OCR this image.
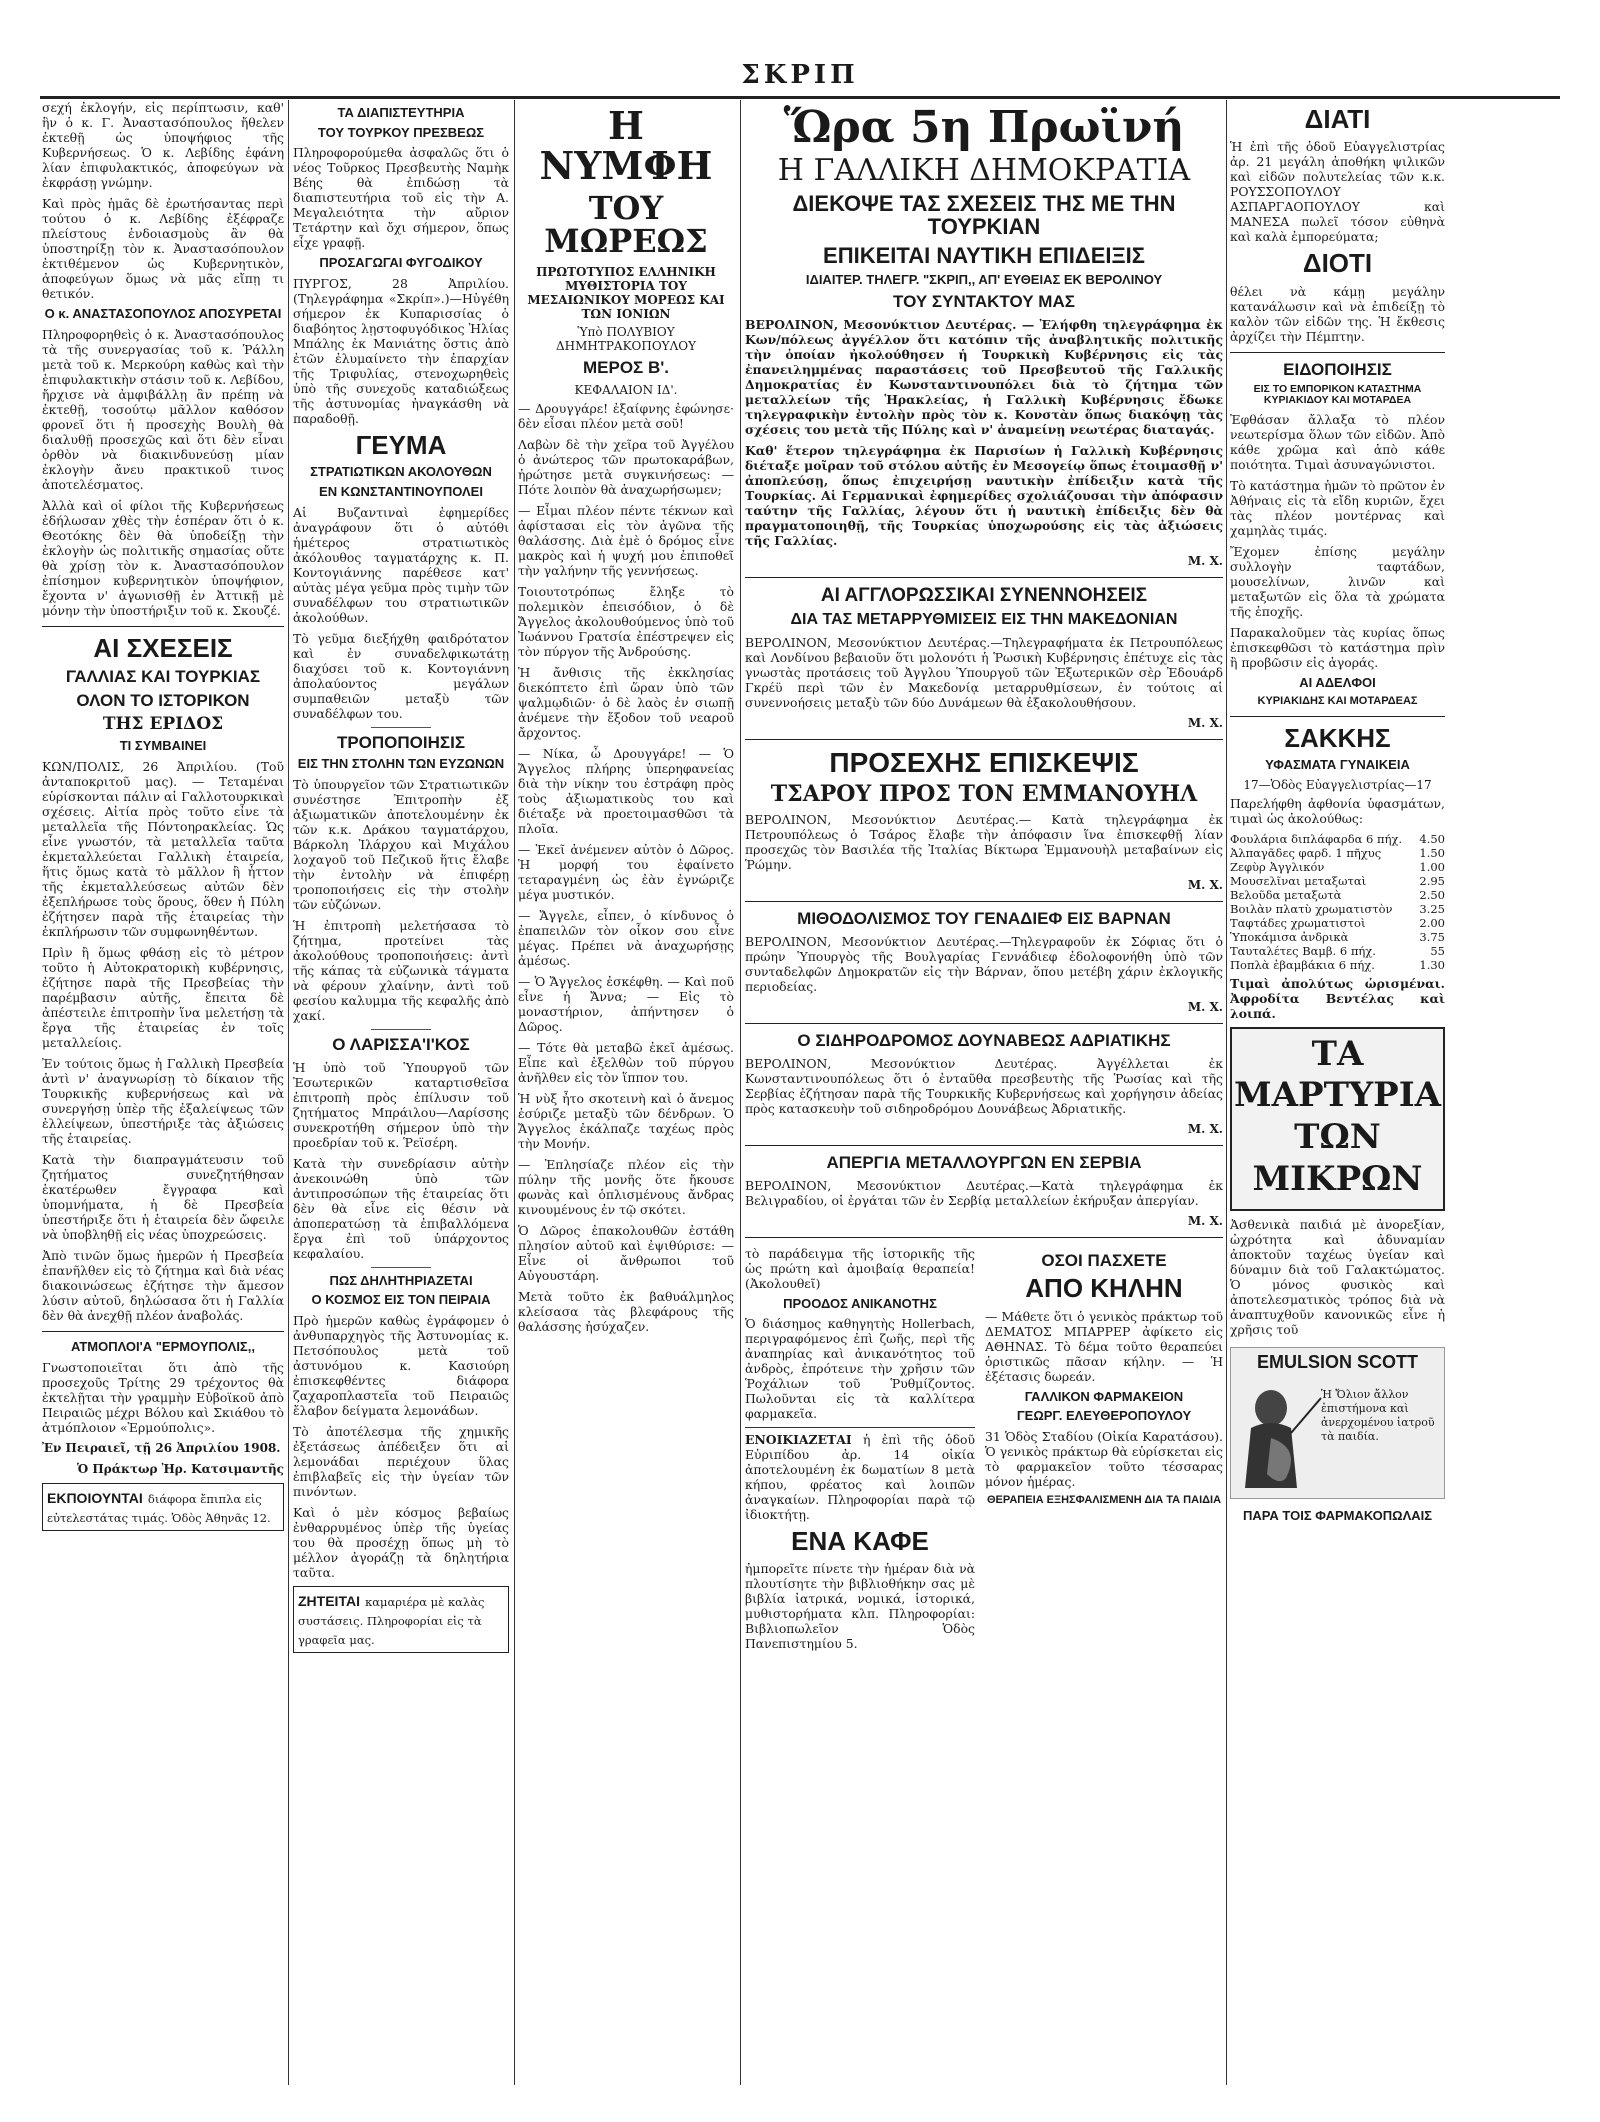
ΣΚΡΙΠ

σεχή ἐκλογήν, εἰς περίπτωσιν, καθ' ἣν ὁ κ. Γ. Ἀναστασόπουλος ἤθελεν ἐκτεθῇ ὡς ὑποψήφιος τῆς Κυβερνήσεως. Ὁ κ. Λεβίδης ἐφάνη λίαν ἐπιφυλακτικός, ἀποφεύγων νὰ ἐκφράσῃ γνώμην.

Καὶ πρὸς ἡμᾶς δὲ ἐρωτήσαντας περὶ τούτου ὁ κ. Λεβίδης ἐξέφραζε πλείστους ἐνδοιασμοὺς ἂν θὰ ὑποστηρίξῃ τὸν κ. Ἀναστασόπουλον ἐκτιθέμενον ὡς Κυβερνητικὸν, ἀποφεύγων ὅμως νὰ μᾶς εἴπῃ τι θετικόν.

Ο κ. ΑΝΑΣΤΑΣΟΠΟΥΛΟΣ ΑΠΟΣΥΡΕΤΑΙ

Πληροφορηθεὶς ὁ κ. Ἀναστασόπουλος τὰ τῆς συνεργασίας τοῦ κ. Ῥάλλη μετὰ τοῦ κ. Μερκούρη καθὼς καὶ τὴν ἐπιφυλακτικὴν στάσιν τοῦ κ. Λεβίδου, ἤρχισε νὰ ἀμφιβάλλῃ ἂν πρέπῃ νὰ ἐκτεθῇ, τοσούτῳ μᾶλλον καθόσον φρονεῖ ὅτι ἡ προσεχὴς Βουλὴ θὰ διαλυθῇ προσεχῶς καὶ ὅτι δὲν εἶναι ὀρθὸν νὰ διακινδυνεύσῃ μίαν ἐκλογὴν ἄνευ πρακτικοῦ τινος ἀποτελέσματος.

Ἀλλὰ καὶ οἱ φίλοι τῆς Κυβερνήσεως ἐδήλωσαν χθὲς τὴν ἑσπέραν ὅτι ὁ κ. Θεοτόκης δὲν θὰ ὑποδείξῃ τὴν ἐκλογὴν ὡς πολιτικῆς σημασίας οὔτε θὰ χρίσῃ τὸν κ. Ἀναστασόπουλον ἐπίσημον κυβερνητικὸν ὑποψήφιον, ἔχοντα ν' ἀγωνισθῇ ἐν Ἀττικῇ μὲ μόνην τὴν ὑποστήριξιν τοῦ κ. Σκουζέ.

ΑΙ ΣΧΕΣΕΙΣ
ΓΑΛΛΙΑΣ ΚΑΙ ΤΟΥΡΚΙΑΣ
ΟΛΟΝ ΤΟ ΙΣΤΟΡΙΚΟΝ
ΤΗΣ ΕΡΙΔΟΣ
ΤΙ ΣΥΜΒΑΙΝΕΙ

ΚΩΝ/ΠΟΛΙΣ, 26 Ἀπριλίου. (Τοῦ ἀνταποκριτοῦ μας). — Τεταμέναι εὑρίσκονται πάλιν αἱ Γαλλοτουρκικαὶ σχέσεις. Αἰτία πρὸς τοῦτο εἶνε τὰ μεταλλεῖα τῆς Πόντοηρακλείας. Ὡς εἶνε γνωστόν, τὰ μεταλλεῖα ταῦτα ἐκμεταλλεύεται Γαλλικὴ ἑταιρεία, ἥτις ὅμως κατὰ τὸ μᾶλλον ἢ ἧττον τῆς ἐκμεταλλεύσεως αὐτῶν δὲν ἐξεπλήρωσε τοὺς ὅρους, ὅθεν ἡ Πύλη ἐζήτησεν παρὰ τῆς ἑταιρείας τὴν ἐκπλήρωσιν τῶν συμφωνηθέντων.

Πρὶν ἢ ὅμως φθάσῃ εἰς τὸ μέτρον τοῦτο ἡ Αὐτοκρατορικὴ κυβέρνησις, ἐζήτησε παρὰ τῆς Πρεσβείας τὴν παρέμβασιν αὐτῆς, ἔπειτα δὲ ἀπέστειλε ἐπιτροπὴν ἵνα μελετήσῃ τὰ ἔργα τῆς ἑταιρείας ἐν τοῖς μεταλλείοις.

Ἐν τούτοις ὅμως ἡ Γαλλικὴ Πρεσβεία ἀντὶ ν' ἀναγνωρίσῃ τὸ δίκαιον τῆς Τουρκικῆς κυβερνήσεως καὶ νὰ συνεργήσῃ ὑπὲρ τῆς ἐξαλείψεως τῶν ἐλλείψεων, ὑπεστήριξε τὰς ἀξιώσεις τῆς ἑταιρείας.

Κατὰ τὴν διαπραγμάτευσιν τοῦ ζητήματος συνεζητήθησαν ἑκατέρωθεν ἔγγραφα καὶ ὑπομνήματα, ἡ δὲ Πρεσβεία ὑπεστήριξε ὅτι ἡ ἑταιρεία δὲν ὤφειλε νὰ ὑποβληθῇ εἰς νέας ὑποχρεώσεις.

Ἀπὸ τινῶν ὅμως ἡμερῶν ἡ Πρεσβεία ἐπανῆλθεν εἰς τὸ ζήτημα καὶ διὰ νέας διακοινώσεως ἐζήτησε τὴν ἄμεσον λύσιν αὐτοῦ, δηλώσασα ὅτι ἡ Γαλλία δὲν θὰ ἀνεχθῇ πλέον ἀναβολάς.

ΑΤΜΟΠΛΟΙ'Α "ΕΡΜΟΥΠΟΛΙΣ,,

Γνωστοποιεῖται ὅτι ἀπὸ τῆς προσεχοῦς Τρίτης 29 τρέχοντος θὰ ἐκτελῇται τὴν γραμμὴν Εὐβοϊκοῦ ἀπὸ Πειραιῶς μέχρι Βόλου καὶ Σκιάθου τὸ ἀτμόπλοιον «Ἑρμούπολις».

Ἐν Πειραιεῖ, τῇ 26 Ἀπριλίου 1908.

Ὁ Πράκτωρ Ἠρ. Κατσιμαντῆς

ΕΚΠΟΙΟΥΝΤΑΙ διάφορα ἔπιπλα εἰς εὐτελεστάτας τιμάς. Ὁδὸς Ἀθηνᾶς 12.
ΤΑ ΔΙΑΠΙΣΤΕΥΤΗΡΙΑ
ΤΟΥ ΤΟΥΡΚΟΥ ΠΡΕΣΒΕΩΣ

Πληροφορούμεθα ἀσφαλῶς ὅτι ὁ νέος Τοῦρκος Πρεσβευτὴς Ναμὴκ Βέης θὰ ἐπιδώσῃ τὰ διαπιστευτήρια τοῦ εἰς τὴν Α. Μεγαλειότητα τὴν αὔριον Τετάρτην καὶ ὄχι σήμερον, ὅπως εἶχε γραφῇ.

ΠΡΟΣΑΓΩΓΑΙ ΦΥΓΟΔΙΚΟΥ

ΠΥΡΓΟΣ, 28 Ἀπριλίου. (Τηλεγράφημα «Σκρίπ».)—Ηὑγέθη σήμερον ἐκ Κυπαρισσίας ὁ διαβόητος λῃστοφυγόδικος Ἠλίας Μπάλης ἐκ Μανιάτης ὅστις ἀπὸ ἐτῶν ἐλυμαίνετο τὴν ἐπαρχίαν τῆς Τριφυλίας, στενοχωρηθεὶς ὑπὸ τῆς συνεχοῦς καταδιώξεως τῆς ἀστυνομίας ἠναγκάσθη νὰ παραδοθῇ.

ΓΕΥΜΑ
ΣΤΡΑΤΙΩΤΙΚΩΝ ΑΚΟΛΟΥΘΩΝ
ΕΝ ΚΩΝΣΤΑΝΤΙΝΟΥΠΟΛΕΙ

Αἱ Βυζαντιναὶ ἐφημερίδες ἀναγράφουν ὅτι ὁ αὐτόθι ἡμέτερος στρατιωτικὸς ἀκόλουθος ταγματάρχης κ. Π. Κοντογιάννης παρέθεσε κατ' αὐτὰς μέγα γεῦμα πρὸς τιμὴν τῶν συναδέλφων του στρατιωτικῶν ἀκολούθων.

Τὸ γεῦμα διεξήχθη φαιδρότατον καὶ ἐν συναδελφικωτάτῃ διαχύσει τοῦ κ. Κοντογιάννη ἀπολαύοντος μεγάλων συμπαθειῶν μεταξὺ τῶν συναδέλφων του.

ΤΡΟΠΟΠΟΙΗΣΙΣ
ΕΙΣ ΤΗΝ ΣΤΟΛΗΝ ΤΩΝ ΕΥΖΩΝΩΝ

Τὸ ὑπουργεῖον τῶν Στρατιωτικῶν συνέστησε Ἐπιτροπὴν ἐξ ἀξιωματικῶν ἀποτελουμένην ἐκ τῶν κ.κ. Δράκου ταγματάρχου, Βάρκολη Ἰλάρχου καὶ Μιχάλου λοχαγοῦ τοῦ Πεζικοῦ ἥτις ἔλαβε τὴν ἐντολὴν νὰ ἐπιφέρῃ τροποποιήσεις εἰς τὴν στολὴν τῶν εὐζώνων.

Ἡ ἐπιτροπὴ μελετήσασα τὸ ζήτημα, προτείνει τὰς ἀκολούθους τροποποιήσεις: ἀντὶ τῆς κάπας τὰ εὐζωνικὰ τάγματα νὰ φέρουν χλαίνην, ἀντὶ τοῦ φεσίου καλυμμα τῆς κεφαλῆς ἀπὸ χακί.

Ο ΛΑΡΙΣΣΑ'Ι'ΚΟΣ

Ἡ ὑπὸ τοῦ Ὑπουργοῦ τῶν Ἐσωτερικῶν καταρτισθεῖσα ἐπιτροπὴ πρὸς ἐπίλυσιν τοῦ ζητήματος Μπράιλου—Λαρίσσης συνεκροτήθη σήμερον ὑπὸ τὴν προεδρίαν τοῦ κ. Ῥεϊσέρη.

Κατὰ τὴν συνεδρίασιν αὐτὴν ἀνεκοινώθη ὑπὸ τῶν ἀντιπροσώπων τῆς ἑταιρείας ὅτι δὲν θὰ εἶνε εἰς θέσιν νὰ ἀποπερατώσῃ τὰ ἐπιβαλλόμενα ἔργα ἐπὶ τοῦ ὑπάρχοντος κεφαλαίου.

ΠΩΣ ΔΗΛΗΤΗΡΙΑΖΕΤΑΙ
Ο ΚΟΣΜΟΣ ΕΙΣ ΤΟΝ ΠΕΙΡΑΙΑ

Πρὸ ἡμερῶν καθὼς ἐγράφομεν ὁ ἀνθυπαρχηγὸς τῆς Ἀστυνομίας κ. Πετσόπουλος μετὰ τοῦ ἀστυνόμου κ. Κασιούρη ἐπισκεφθέντες διάφορα ζαχαροπλαστεῖα τοῦ Πειραιῶς ἔλαβον δείγματα λεμονάδων.

Τὸ ἀποτέλεσμα τῆς χημικῆς ἐξετάσεως ἀπέδειξεν ὅτι αἱ λεμονάδαι περιέχουν ὕλας ἐπιβλαβεῖς εἰς τὴν ὑγείαν τῶν πινόντων.

Καὶ ὁ μὲν κόσμος βεβαίως ἐνθαρρυμένος ὑπὲρ τῆς ὑγείας του θὰ προσέχῃ ὅπως μὴ τὸ μέλλον ἀγοράζῃ τὰ δηλητήρια ταῦτα.

ΖΗΤΕΙΤΑΙ καμαριέρα μὲ καλὰς συστάσεις. Πληροφορίαι εἰς τὰ γραφεῖα μας.
Η ΝΥΜΦΗ
ΤΟΥ ΜΩΡΕΩΣ
ΠΡΩΤΟΤΥΠΟΣ ΕΛΛΗΝΙΚΗ ΜΥΘΙΣΤΟΡΙΑ ΤΟΥ ΜΕΣΑΙΩΝΙΚΟΥ ΜΟΡΕΩΣ ΚΑΙ ΤΩΝ ΙΟΝΙΩΝ
Ὑπὸ ΠΟΛΥΒΙΟΥ ΔΗΜΗΤΡΑΚΟΠΟΥΛΟΥ
ΜΕΡΟΣ Β'.
ΚΕΦΑΛΑΙΟΝ ΙΔ'.

— Δρουγγάρε! ἐξαίφνης ἐφώνησε· δὲν εἶσαι πλέον μετὰ σοῦ!

Λαβὼν δὲ τὴν χεῖρα τοῦ Ἀγγέλου ὁ ἀνώτερος τῶν πρωτοκαράβων, ἠρώτησε μετὰ συγκινήσεως: — Πότε λοιπὸν θὰ ἀναχωρήσωμεν;

— Εἶμαι πλέον πέντε τέκνων καὶ ἀφίστασαι εἰς τὸν ἀγῶνα τῆς θαλάσσης. Διὰ ἐμὲ ὁ δρόμος εἶνε μακρὸς καὶ ἡ ψυχή μου ἐπιποθεῖ τὴν γαλήνην τῆς γεννήσεως.

Τοιουτοτρόπως ἔληξε τὸ πολεμικὸν ἐπεισόδιον, ὁ δὲ Ἄγγελος ἀκολουθούμενος ὑπὸ τοῦ Ἰωάννου Γρατσία ἐπέστρεψεν εἰς τὸν πύργον τῆς Ἀνδρούσης.

Ἡ ἄνθισις τῆς ἐκκλησίας διεκόπτετο ἐπὶ ὥραν ὑπὸ τῶν ψαλμῳδιῶν· ὁ δὲ λαὸς ἐν σιωπῇ ἀνέμενε τὴν ἔξοδον τοῦ νεαροῦ ἄρχοντος.

— Νίκα, ὦ Δρουγγάρε! — Ὁ Ἄγγελος πλήρης ὑπερηφανείας διὰ τὴν νίκην του ἐστράφη πρὸς τοὺς ἀξιωματικοὺς του καὶ διέταξε νὰ προετοιμασθῶσι τὰ πλοῖα.

— Ἐκεῖ ἀνέμενεν αὐτὸν ὁ Δῶρος. Ἡ μορφή του ἐφαίνετο τεταραγμένη ὡς ἐὰν ἐγνώριζε μέγα μυστικόν.

— Ἄγγελε, εἶπεν, ὁ κίνδυνος ὁ ἐπαπειλῶν τὸν οἶκον σου εἶνε μέγας. Πρέπει νὰ ἀναχωρήσῃς ἀμέσως.

— Ὁ Ἄγγελος ἐσκέφθη. — Καὶ ποῦ εἶνε ἡ Ἄννα; — Εἰς τὸ μοναστήριον, ἀπήντησεν ὁ Δῶρος.

— Τότε θὰ μεταβῶ ἐκεῖ ἀμέσως. Εἶπε καὶ ἐξελθὼν τοῦ πύργου ἀνῆλθεν εἰς τὸν ἵππον του.

Ἡ νὺξ ἦτο σκοτεινὴ καὶ ὁ ἄνεμος ἐσύριζε μεταξὺ τῶν δένδρων. Ὁ Ἄγγελος ἐκάλπαζε ταχέως πρὸς τὴν Μονήν.

— Ἐπλησίαζε πλέον εἰς τὴν πύλην τῆς μονῆς ὅτε ἤκουσε φωνὰς καὶ ὁπλισμένους ἄνδρας κινουμένους ἐν τῷ σκότει.

Ὁ Δῶρος ἐπακολουθῶν ἐστάθη πλησίον αὐτοῦ καὶ ἐψιθύρισε: — Εἶνε οἱ ἄνθρωποι τοῦ Αὐγουστάρη.

Μετὰ τοῦτο ἐκ βαθυάλμηλος κλείσασα τὰς βλεφάρους τῆς θαλάσσης ἠσύχαζεν.

Ὥρα 5η Πρωϊνή
Η ΓΑΛΛΙΚΗ ΔΗΜΟΚΡΑΤΙΑ
ΔΙΕΚΟΨΕ ΤΑΣ ΣΧΕΣΕΙΣ ΤΗΣ ΜΕ ΤΗΝ ΤΟΥΡΚΙΑΝ
ΕΠΙΚΕΙΤΑΙ ΝΑΥΤΙΚΗ ΕΠΙΔΕΙΞΙΣ
ΙΔΙΑΙΤΕΡ. ΤΗΛΕΓΡ. "ΣΚΡΙΠ,, ΑΠ' ΕΥΘΕΙΑΣ ΕΚ ΒΕΡΟΛΙΝΟΥ
ΤΟΥ ΣΥΝΤΑΚΤΟΥ ΜΑΣ

ΒΕΡΟΛΙΝΟΝ, Μεσονύκτιον Δευτέρας. — Ἐλήφθη τηλεγράφημα ἐκ Κων/πόλεως ἀγγέλλον ὅτι κατόπιν τῆς ἀναβλητικῆς πολιτικῆς τὴν ὁποίαν ἠκολούθησεν ἡ Τουρκικὴ Κυβέρνησις εἰς τὰς ἐπανειλημμένας παραστάσεις τοῦ Πρεσβευτοῦ τῆς Γαλλικῆς Δημοκρατίας ἐν Κωνσταντινουπόλει διὰ τὸ ζήτημα τῶν μεταλλείων τῆς Ἡρακλείας, ἡ Γαλλικὴ Κυβέρνησις ἔδωκε τηλεγραφικὴν ἐντολὴν πρὸς τὸν κ. Κονστὰν ὅπως διακόψῃ τὰς σχέσεις του μετὰ τῆς Πύλης καὶ ν' ἀναμείνῃ νεωτέρας διαταγάς.

Καθ' ἕτερον τηλεγράφημα ἐκ Παρισίων ἡ Γαλλικὴ Κυβέρνησις διέταξε μοῖραν τοῦ στόλου αὐτῆς ἐν Μεσογείῳ ὅπως ἑτοιμασθῇ ν' ἀποπλεύσῃ, ὅπως ἐπιχειρήσῃ ναυτικὴν ἐπίδειξιν κατὰ τῆς Τουρκίας. Αἱ Γερμανικαὶ ἐφημερίδες σχολιάζουσαι τὴν ἀπόφασιν ταύτην τῆς Γαλλίας, λέγουν ὅτι ἡ ναυτικὴ ἐπίδειξις δὲν θὰ πραγματοποιηθῇ, τῆς Τουρκίας ὑποχωρούσης εἰς τὰς ἀξιώσεις τῆς Γαλλίας.

Μ. Χ.

ΑΙ ΑΓΓΛΟΡΩΣΣΙΚΑΙ ΣΥΝΕΝΝΟΗΣΕΙΣ
ΔΙΑ ΤΑΣ ΜΕΤΑΡΡΥΘΜΙΣΕΙΣ ΕΙΣ ΤΗΝ ΜΑΚΕΔΟΝΙΑΝ

ΒΕΡΟΛΙΝΟΝ, Μεσονύκτιον Δευτέρας.—Τηλεγραφήματα ἐκ Πετρουπόλεως καὶ Λονδίνου βεβαιοῦν ὅτι μολονότι ἡ Ῥωσικὴ Κυβέρνησις ἐπέτυχε εἰς τὰς γνωστὰς προτάσεις τοῦ Ἀγγλου Ὑπουργοῦ τῶν Ἐξωτερικῶν σὲρ Ἐδουάρδ Γκρέϋ περὶ τῶν ἐν Μακεδονίᾳ μεταρρυθμίσεων, ἐν τούτοις αἱ συνεννοήσεις μεταξὺ τῶν δύο Δυνάμεων θὰ ἐξακολουθήσουν.

Μ. Χ.

ΠΡΟΣΕΧΗΣ ΕΠΙΣΚΕΨΙΣ
ΤΣΑΡΟΥ ΠΡΟΣ ΤΟΝ ΕΜΜΑΝΟΥΗΛ

ΒΕΡΟΛΙΝΟΝ, Μεσονύκτιον Δευτέρας.— Κατὰ τηλεγράφημα ἐκ Πετρουπόλεως ὁ Τσάρος ἔλαβε τὴν ἀπόφασιν ἵνα ἐπισκεφθῇ λίαν προσεχῶς τὸν Βασιλέα τῆς Ἰταλίας Βίκτωρα Ἐμμανουὴλ μεταβαίνων εἰς Ῥώμην.

Μ. Χ.

ΜΙΘΟΔΟΛΙΣΜΟΣ ΤΟΥ ΓΕΝΑΔΙΕΦ ΕΙΣ ΒΑΡΝΑΝ

ΒΕΡΟΛΙΝΟΝ, Μεσονύκτιον Δευτέρας.—Τηλεγραφοῦν ἐκ Σόφιας ὅτι ὁ πρώην Ὑπουργὸς τῆς Βουλγαρίας Γεννάδιεφ ἐδολοφονήθη ὑπὸ τῶν συνταδελφῶν Δημοκρατῶν εἰς τὴν Βάρναν, ὅπου μετέβη χάριν ἐκλογικῆς περιοδείας.

Μ. Χ.

Ο ΣΙΔΗΡΟΔΡΟΜΟΣ ΔΟΥΝΑΒΕΩΣ ΑΔΡΙΑΤΙΚΗΣ

ΒΕΡΟΛΙΝΟΝ, Μεσονύκτιον Δευτέρας. Ἀγγέλλεται ἐκ Κωνσταντινουπόλεως ὅτι ὁ ἐνταῦθα πρεσβευτὴς τῆς Ῥωσίας καὶ τῆς Σερβίας ἐζήτησαν παρὰ τῆς Τουρκικῆς Κυβερνήσεως καὶ χορήγησιν ἀδείας πρὸς κατασκευὴν τοῦ σιδηροδρόμου Δουνάβεως Ἀδριατικῆς.

Μ. Χ.

ΑΠΕΡΓΙΑ ΜΕΤΑΛΛΟΥΡΓΩΝ ΕΝ ΣΕΡΒΙΑ

ΒΕΡΟΛΙΝΟΝ, Μεσονύκτιον Δευτέρας.—Κατὰ τηλεγράφημα ἐκ Βελιγραδίου, οἱ ἐργάται τῶν ἐν Σερβίᾳ μεταλλείων ἐκήρυξαν ἀπεργίαν.

Μ. Χ.

τὸ παράδειγμα τῆς ἱστορικῆς τῆς ὡς πρώτη καὶ ἀμοιβαίᾳ θεραπεία! (Ἀκολουθεῖ)

ΠΡΟΟΔΟΣ ΑΝΙΚΑΝΟΤΗΣ

Ὁ διάσημος καθηγητὴς Hollerbach, περιγραφόμενος ἐπὶ ζωῆς, περὶ τῆς ἀναπηρίας καὶ ἀνικανότητος τοῦ ἀνδρὸς, ἐπρότεινε τὴν χρῆσιν τῶν Ῥοχάλιων τοῦ Ῥυθμίζοντος. Πωλοῦνται εἰς τὰ καλλίτερα φαρμακεῖα.

ΕΝΟΙΚΙΑΖΕΤΑΙ ἡ ἐπὶ τῆς ὁδοῦ Εὐριπίδου ἀρ. 14 οἰκία ἀποτελουμένη ἐκ δωματίων 8 μετὰ κήπου, φρέατος καὶ λοιπῶν ἀναγκαίων. Πληροφορίαι παρὰ τῷ ἰδιοκτήτῃ.

ΕΝΑ ΚΑΦΕ

ἠμπορεῖτε πίνετε τὴν ἡμέραν διὰ νὰ πλουτίσητε τὴν βιβλιοθήκην σας μὲ βιβλία ἰατρικά, νομικά, ἱστορικά, μυθιστορήματα κλπ. Πληροφορίαι: Βιβλιοπωλεῖον Ὁδὸς Πανεπιστημίου 5.

ΟΣΟΙ ΠΑΣΧΕΤΕ
ΑΠΟ ΚΗΛΗΝ

— Μάθετε ὅτι ὁ γενικὸς πράκτωρ τοῦ ΔΕΜΑΤΟΣ ΜΠΑΡΡΕΡ ἀφίκετο εἰς ΑΘΗΝΑΣ. Τὸ δέμα τοῦτο θεραπεύει ὁριστικῶς πᾶσαν κήλην. — Ἡ ἐξέτασις δωρεάν.

ΓΑΛΛΙΚΟΝ ΦΑΡΜΑΚΕΙΟΝ
ΓΕΩΡΓ. ΕΛΕΥΘΕΡΟΠΟΥΛΟΥ

31 Ὁδὸς Σταδίου (Οἰκία Καρατάσου). Ὁ γενικὸς πράκτωρ θὰ εὑρίσκεται εἰς τὸ φαρμακεῖον τοῦτο τέσσαρας μόνον ἡμέρας.

ΘΕΡΑΠΕΙΑ ΕΞΗΣΦΑΛΙΣΜΕΝΗ ΔΙΑ ΤΑ ΠΑΙΔΙΑ
ΔΙΑΤΙ

Ἡ ἐπὶ τῆς ὁδοῦ Εὐαγγελιστρίας ἀρ. 21 μεγάλη ἀποθήκη ψιλικῶν καὶ εἰδῶν πολυτελείας τῶν κ.κ. ΡΟΥΣΣΟΠΟΥΛΟΥ ΑΣΠΑΡΓΑΟΠΟΥΛΟΥ καὶ ΜΑΝΕΣΑ πωλεῖ τόσον εὐθηνὰ καὶ καλὰ ἐμπορεύματα;

ΔΙΟΤΙ

θέλει νὰ κάμῃ μεγάλην κατανάλωσιν καὶ νὰ ἐπιδείξῃ τὸ καλὸν τῶν εἰδῶν της. Ἡ ἔκθεσις ἀρχίζει τὴν Πέμπτην.

ΕΙΔΟΠΟΙΗΣΙΣ
ΕΙΣ ΤΟ ΕΜΠΟΡΙΚΟΝ ΚΑΤΑΣΤΗΜΑ ΚΥΡΙΑΚΙΔΟΥ ΚΑΙ ΜΟΤΑΡΔΕΑ

Ἐφθάσαν ἄλλαξα τὸ πλέον νεωτερίσμα ὅλων τῶν εἰδῶν. Ἀπὸ κάθε χρῶμα καὶ ἀπὸ κάθε ποιότητα. Τιμαὶ ἀσυναγώνιστοι.

Τὸ κατάστημα ἡμῶν τὸ πρῶτον ἐν Ἀθήναις εἰς τὰ εἴδη κυριῶν, ἔχει τὰς πλέον μοντέρνας καὶ χαμηλὰς τιμάς.

Ἔχομεν ἐπίσης μεγάλην συλλογὴν ταφτάδων, μουσελίνων, λινῶν καὶ μεταξωτῶν εἰς ὅλα τὰ χρώματα τῆς ἐποχῆς.

Παρακαλοῦμεν τὰς κυρίας ὅπως ἐπισκεφθῶσι τὸ κατάστημα πρὶν ἢ προβῶσιν εἰς ἀγοράς.

ΑΙ ΑΔΕΛΦΟΙ
ΚΥΡΙΑΚΙΔΗΣ ΚΑΙ ΜΟΤΑΡΔΕΑΣ
ΣΑΚΚΗΣ
ΥΦΑΣΜΑΤΑ ΓΥΝΑΙΚΕΙΑ
17—Ὁδὸς Εὐαγγελιστρίας—17

Παρελήφθη ἀφθονία ὑφασμάτων, τιμαὶ ὡς ἀκολούθως:

Φουλάρια διπλάφαρδα 6 πήχ. 4.50
Ἀλπαγᾶδες φαρδ. 1 πῆχυς	1.50
Ζεφὺρ Ἀγγλικόν	1.00
Μουσελῖναι μεταξωταὶ	2.95
Βελοῦδα μεταξωτὰ	2.50
Βοιλὰν πλατὺ χρωματιστὸν 3.25
Ταφτάδες χρωματιστοὶ	2.00
Ὑποκάμισα ἀνδρικὰ	3.75
Ταυταλέτες Βαμβ. 6 πήχ.	55
Ποπλὰ ἐβαμβάκια 6 πήχ.	1.30

Τιμαὶ ἀπολύτως ὡρισμέναι. Ἀφροδίτα Βεντέλας καὶ λοιπά.

ΤΑ
ΜΑΡΤΥΡΙΑ
ΤΩΝ
ΜΙΚΡΩΝ

Ἀσθενικὰ παιδιά μὲ ἀνορεξίαν, ὠχρότητα καὶ ἀδυναμίαν ἀποκτοῦν ταχέως ὑγείαν καὶ δύναμιν διὰ τοῦ Γαλακτώματος. Ὁ μόνος φυσικὸς καὶ ἀποτελεσματικὸς τρόπος διὰ νὰ ἀναπτυχθοῦν κανονικῶς εἶνε ἡ χρῆσις τοῦ

EMULSION SCOTT
Ἡ Ὄλιον ἄλλον ἐπιστήμονα καὶ ἀνερχομένου ἰατροῦ τὰ παιδία.
ΠΑΡΑ ΤΟΙΣ ΦΑΡΜΑΚΟΠΩΛΑΙΣ
